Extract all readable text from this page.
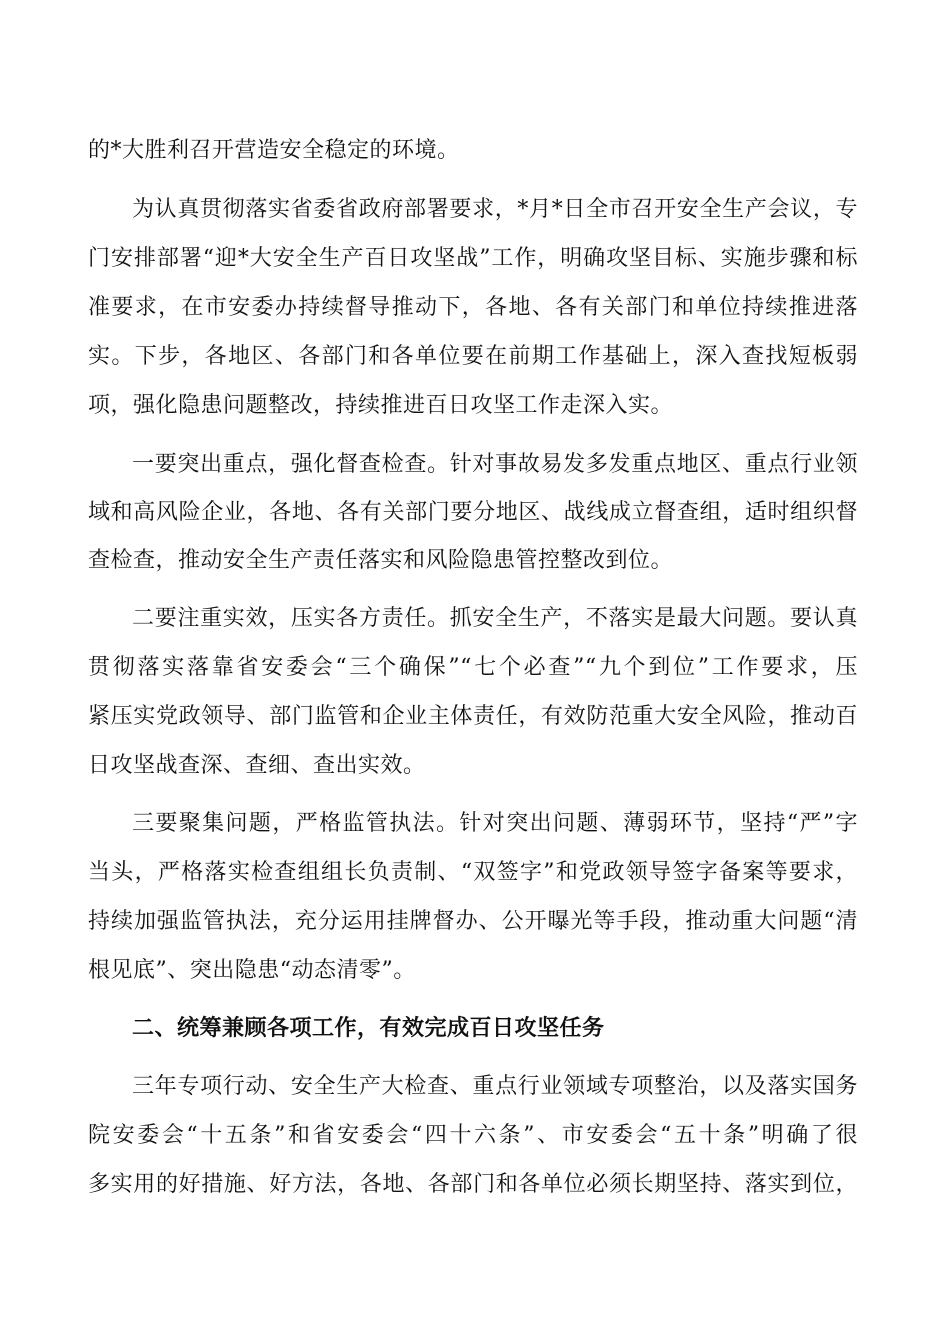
的*大胜利召开营造安全稳定的环境。
为认真贯彻落实省委省政府部署要求，*月*日全市召开安全生产会议，专
门安排部署“迎*大安全生产百日攻坚战”工作，明确攻坚目标、实施步骤和标
准要求，在市安委办持续督导推动下，各地、各有关部门和单位持续推进落
实。下步，各地区、各部门和各单位要在前期工作基础上，深入查找短板弱
项，强化隐患问题整改，持续推进百日攻坚工作走深入实。
一要突出重点，强化督查检查。针对事故易发多发重点地区、重点行业领
域和高风险企业，各地、各有关部门要分地区、战线成立督查组，适时组织督
查检查，推动安全生产责任落实和风险隐患管控整改到位。
二要注重实效，压实各方责任。抓安全生产，不落实是最大问题。要认真
贯彻落实落靠省安委会“三个确保”“七个必查”“九个到位”工作要求，压
紧压实党政领导、部门监管和企业主体责任，有效防范重大安全风险，推动百
日攻坚战查深、查细、查出实效。
三要聚集问题，严格监管执法。针对突出问题、薄弱环节，坚持“严”字
当头，严格落实检查组组长负责制、“双签字”和党政领导签字备案等要求，
持续加强监管执法，充分运用挂牌督办、公开曝光等手段，推动重大问题“清
根见底”、突出隐患“动态清零”。
二、统筹兼顾各项工作，有效完成百日攻坚任务
三年专项行动、安全生产大检查、重点行业领域专项整治，以及落实国务
院安委会“十五条”和省安委会“四十六条”、市安委会“五十条”明确了很
多实用的好措施、好方法，各地、各部门和各单位必须长期坚持、落实到位，
